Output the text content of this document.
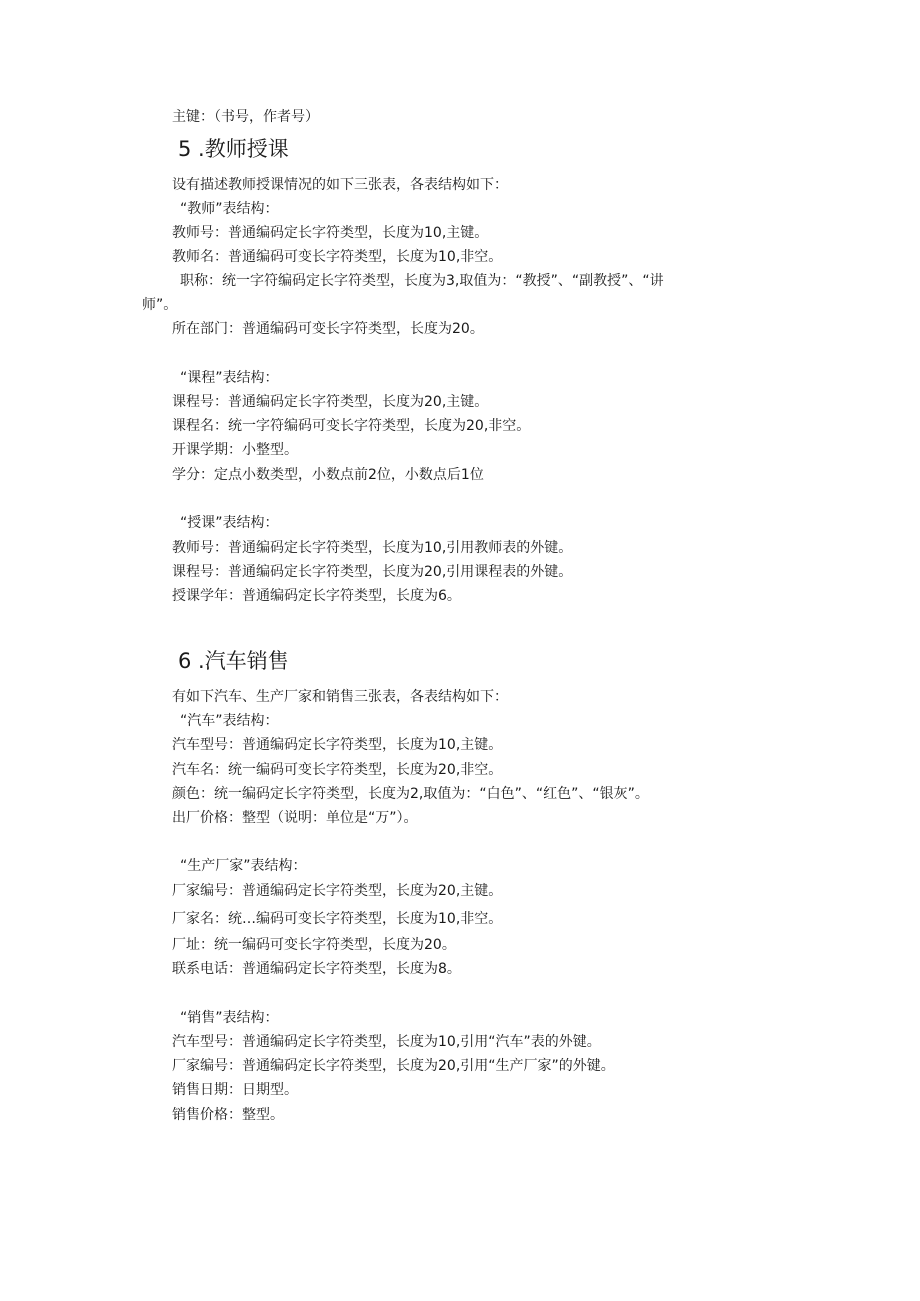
主键：（书号，作者号）
5 .教师授课
设有描述教师授课情况的如下三张表，各表结构如下：
“教师”表结构：
教师号：普通编码定长字符类型，长度为10,主键。
教师名：普通编码可变长字符类型，长度为10,非空。
职称：统一字符编码定长字符类型，长度为3,取值为：“教授”、“副教授”、“讲
师”。
所在部门：普通编码可变长字符类型，长度为20。
“课程”表结构：
课程号：普通编码定长字符类型，长度为20,主键。
课程名：统一字符编码可变长字符类型，长度为20,非空。
开课学期：小整型。
学分：定点小数类型，小数点前2位，小数点后1位
“授课”表结构：
教师号：普通编码定长字符类型，长度为10,引用教师表的外键。
课程号：普通编码定长字符类型，长度为20,引用课程表的外键。
授课学年：普通编码定长字符类型，长度为6。
6 .汽车销售
有如下汽车、生产厂家和销售三张表，各表结构如下：
“汽车”表结构：
汽车型号：普通编码定长字符类型，长度为10,主键。
汽车名：统一编码可变长字符类型，长度为20,非空。
颜色：统一编码定长字符类型，长度为2,取值为：“白色”、“红色”、“银灰”。
出厂价格：整型（说明：单位是“万”）。
“生产厂家”表结构：
厂家编号：普通编码定长字符类型，长度为20,主键。
厂家名：统…编码可变长字符类型，长度为10,非空。
厂址：统一编码可变长字符类型，长度为20。
联系电话：普通编码定长字符类型，长度为8。
“销售”表结构：
汽车型号：普通编码定长字符类型，长度为10,引用“汽车”表的外键。
厂家编号：普通编码定长字符类型，长度为20,引用“生产厂家”的外键。
销售日期：日期型。
销售价格：整型。
